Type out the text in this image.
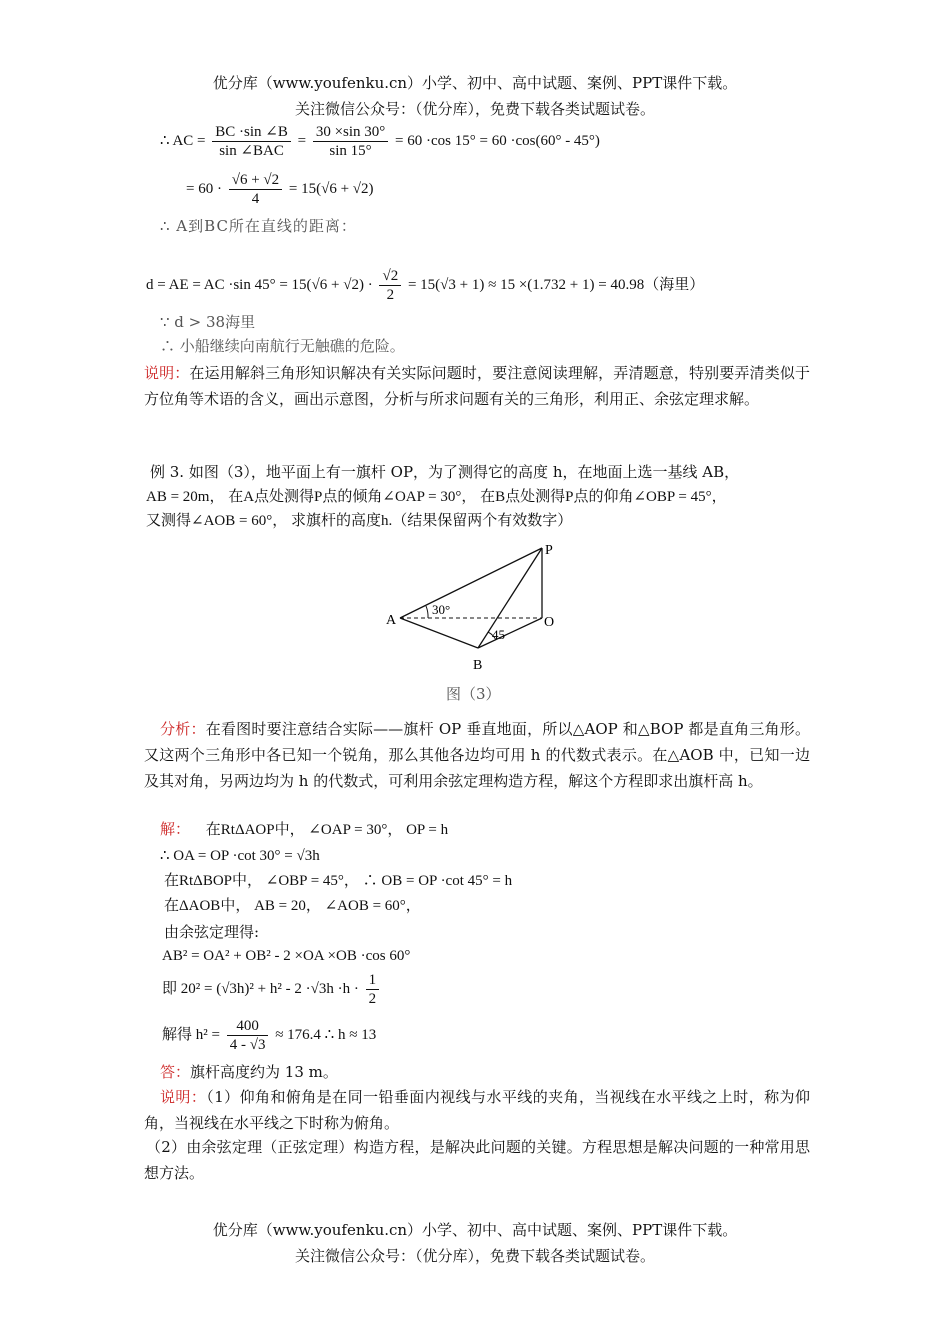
优分库（www.youfenku.cn）小学、初中、高中试题、案例、PPT课件下载。
关注微信公众号：（优分库），免费下载各类试题试卷。
∴ AC = $\frac{BC \cdot\sin \angle B}{\text{sin ∠BAC}} = \frac{30 \times\sin 30^\circ}{\sin 15^\circ} = 60 \cdot\cos$ 15° = 60 ·cos(60° - 45°)
= $60 \cdot \frac{√6 + √2}{4} = 15(√6 + √2)$
∴ A到BC所在直线的距离：
d = AE = AC ·sin $45^\circ = 15(√6 + √2) \cdot \frac{√2}{2} = 15(√3 + 1) \approx 15 \times(1.732 + 1) = 40.98$（海里）
∵ d > 38海里
∴ 小船继续向南航行无触礁的危险。
说明：在运用解斜三角形知识解决有关实际问题时，要注意阅读理解，弄清题意，特别要弄清类似于方位角等术语的含义，画出示意图，分析与所求问题有关的三角形，利用正、余弦定理求解。
例 3. 如图（3），地平面上有一旗杆 OP，为了测得它的高度 h，在地面上选一基线 AB，
AB = 20m， 在A点处测得P点的倾角∠OAP = 30°， 在B点处测得P点的仰角∠OBP = 45°，
又测得∠AOB = 60°， 求旗杆的高度h.（结果保留两个有效数字）
P
A	O
B
30°
45
图（3）
分析：在看图时要注意结合实际——旗杆 OP 垂直地面，所以△AOP 和△BOP 都是直角三角形。又这两个三角形中各已知一个锐角，那么其他各边均可用 h 的代数式表示。在△AOB 中，已知一边及其对角，另两边均为 h 的代数式，可利用余弦定理构造方程，解这个方程即求出旗杆高 h。
解： 在RtΔAOP中， ∠OAP = 30°， OP = h
∴ OA = OP ·cot 30° = √3h
在RtΔBOP中， ∠OBP = 45°， ∴ OB = OP ·cot 45° = h
在ΔAOB中， AB = 20， ∠AOB = 60°，
由余弦定理得:
AB² = OA² + OB² - 2 ×OA ×OB ·cos 60°
即 $20^2 = (√3h)^2 + h^2 - 2 \cdot√3h \cdot h \cdot \frac{1}{2}$
解得 $h^2 = \frac{400}{4 - √3} \approx 176.4$ ∴ h ≈ 13
答：旗杆高度约为 13 m。
说明：（1）仰角和俯角是在同一铅垂面内视线与水平线的夹角，当视线在水平线之上时，称为仰角，当视线在水平线之下时称为俯角。
（2）由余弦定理（正弦定理）构造方程，是解决此问题的关键。方程思想是解决问题的一种常用思想方法。
优分库（www.youfenku.cn）小学、初中、高中试题、案例、PPT课件下载。
关注微信公众号：（优分库），免费下载各类试题试卷。
